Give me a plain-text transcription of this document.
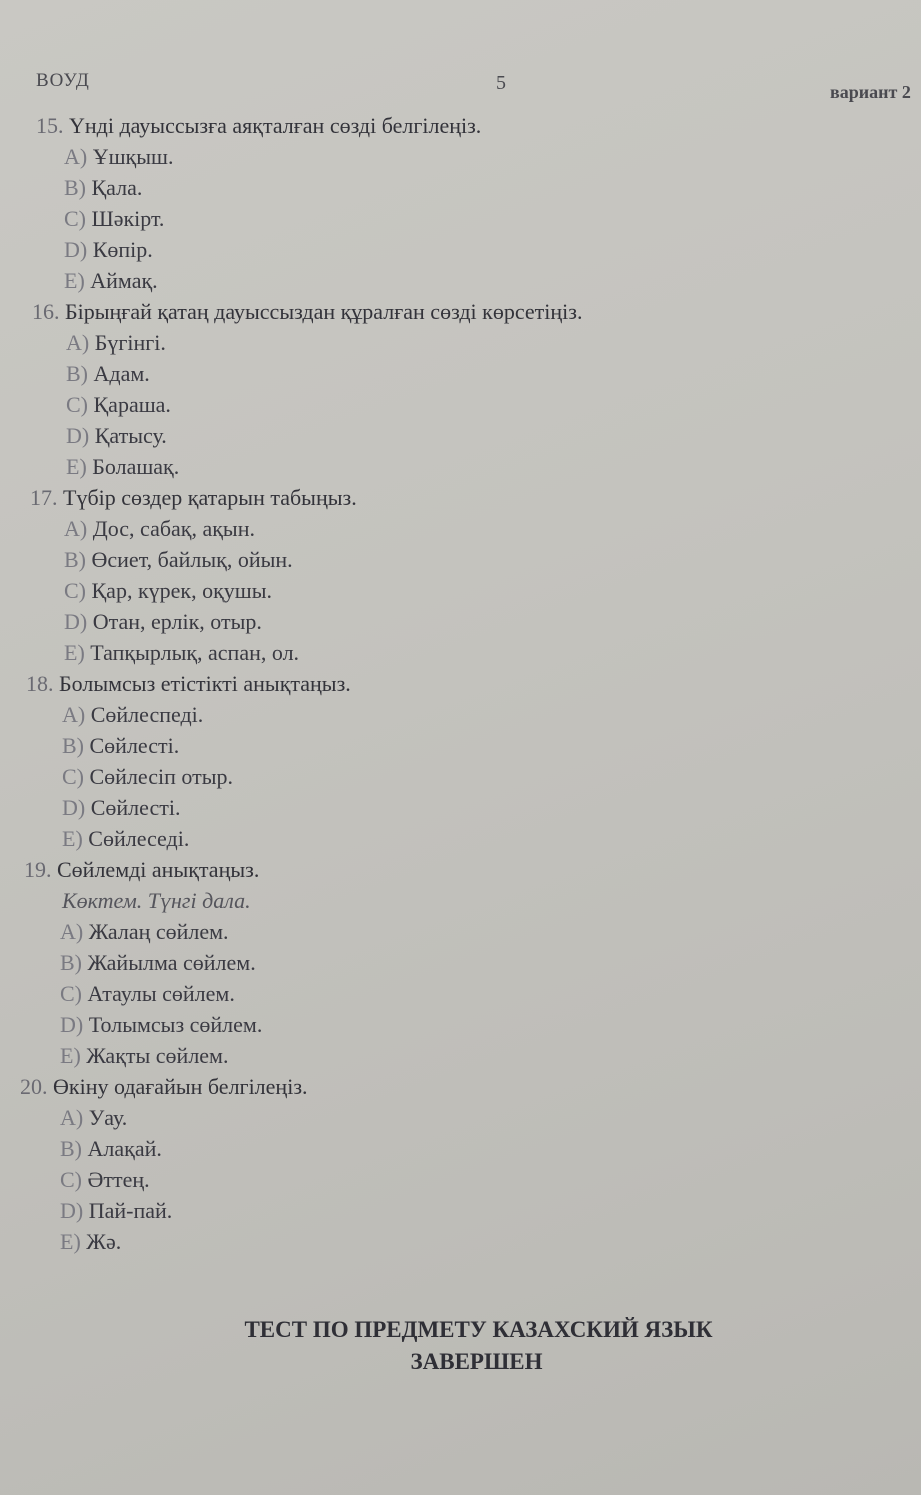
ВОУД	5	вариант 2
15. Үнді дауыссызға аяқталған сөзді белгілеңіз.
A) Ұшқыш.
B) Қала.
C) Шәкірт.
D) Көпір.
E) Аймақ.
16. Бірыңғай қатаң дауыссыздан құралған сөзді көрсетіңіз.
A) Бүгінгі.
B) Адам.
C) Қараша.
D) Қатысу.
E) Болашақ.
17. Түбір сөздер қатарын табыңыз.
A) Дос, сабақ, ақын.
B) Өсиет, байлық, ойын.
C) Қар, күрек, оқушы.
D) Отан, ерлік, отыр.
E) Тапқырлық, аспан, ол.
18. Болымсыз етістікті анықтаңыз.
A) Сөйлеспеді.
B) Сөйлесті.
C) Сөйлесіп отыр.
D) Сөйлесті.
E) Сөйлеседі.
19. Сөйлемді анықтаңыз.
Көктем. Түнгі дала.
A) Жалаң сөйлем.
B) Жайылма сөйлем.
C) Атаулы сөйлем.
D) Толымсыз сөйлем.
E) Жақты сөйлем.
20. Өкіну одағайын белгілеңіз.
A) Уау.
B) Алақай.
C) Әттең.
D) Пай-пай.
E) Жә.
ТЕСТ ПО ПРЕДМЕТУ КАЗАХСКИЙ ЯЗЫК
ЗАВЕРШЕН
